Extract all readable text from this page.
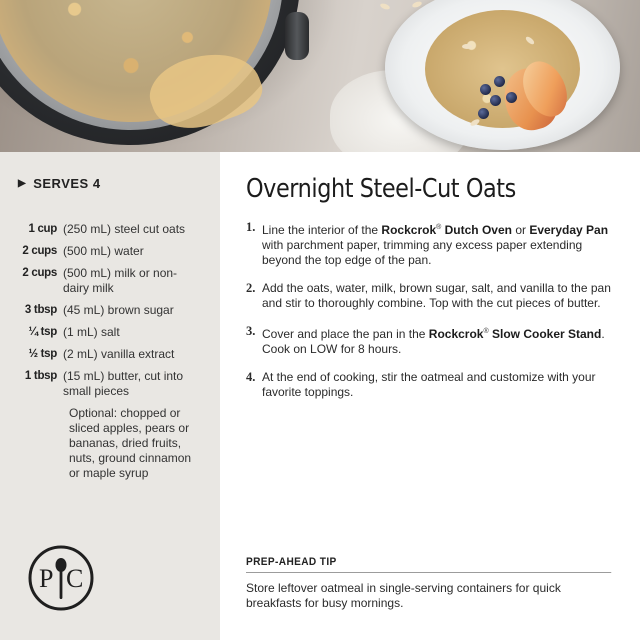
▶ SERVES 4
1 cup (250 mL) steel cut oats
2 cups (500 mL) water
2 cups (500 mL) milk or non-dairy milk
3 tbsp (45 mL) brown sugar
¼ tsp (1 mL) salt
½ tsp (2 mL) vanilla extract
1 tbsp (15 mL) butter, cut into small pieces
Optional: chopped or sliced apples, pears or bananas, dried fruits, nuts, ground cinnamon or maple syrup
P C
Overnight Steel-Cut Oats
1. Line the interior of the Rockcrok® Dutch Oven or Everyday Pan with parchment paper, trimming any excess paper extending beyond the top edge of the pan.
2. Add the oats, water, milk, brown sugar, salt, and vanilla to the pan and stir to thoroughly combine. Top with the cut pieces of butter.
3. Cover and place the pan in the Rockcrok® Slow Cooker Stand. Cook on LOW for 8 hours.
4. At the end of cooking, stir the oatmeal and customize with your favorite toppings.
PREP-AHEAD TIP
Store leftover oatmeal in single-serving containers for quick breakfasts for busy mornings.
